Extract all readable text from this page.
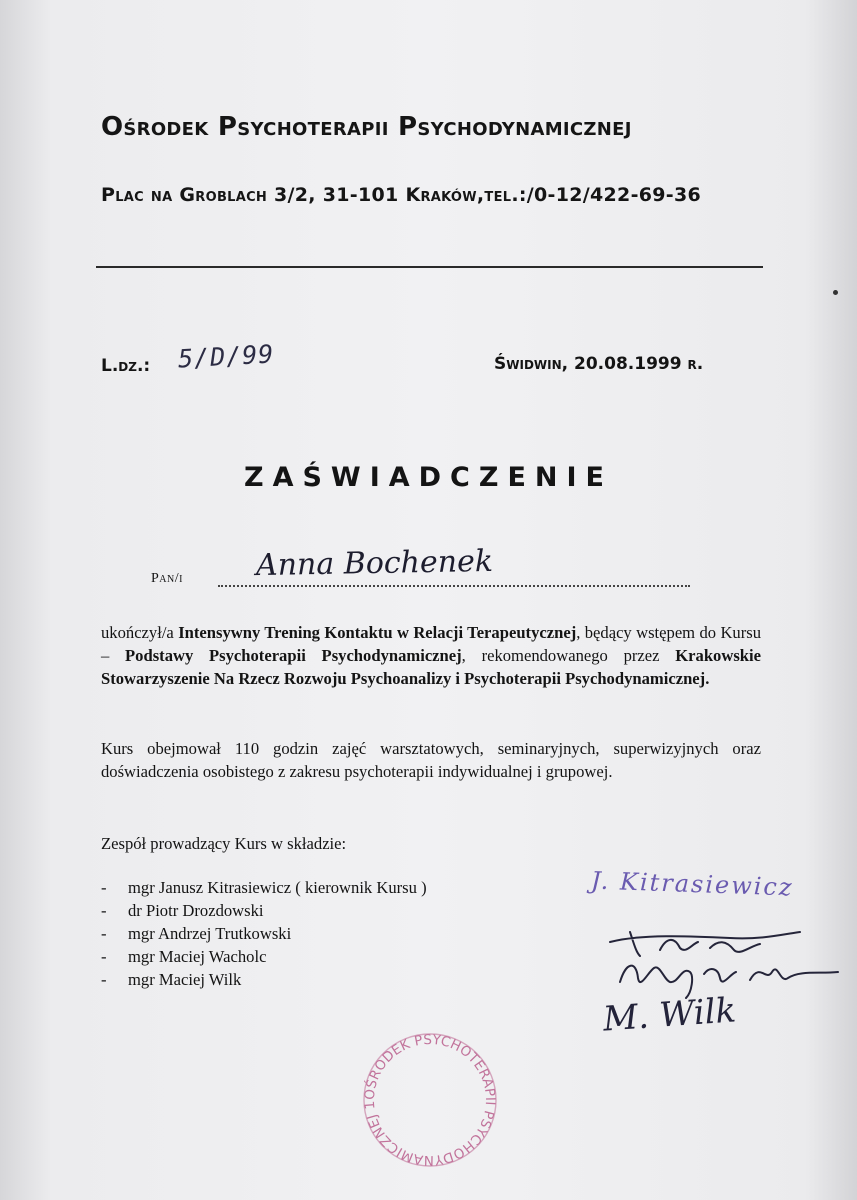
Ośrodek Psychoterapii Psychodynamicznej
Plac na Groblach 3/2, 31-101 Kraków,tel.:/0-12/422-69-36
L.dz.: 5/D/99	Świdwin, 20.08.1999 r.
ZAŚWIADCZENIE
Pan/i Anna Bochenek
ukończył/a Intensywny Trening Kontaktu w Relacji Terapeutycznej, będący wstępem do Kursu – Podstawy Psychoterapii Psychodynamicznej, rekomendowanego przez Krakowskie Stowarzyszenie Na Rzecz Rozwoju Psychoanalizy i Psychoterapii Psychodynamicznej.
Kurs obejmował 110 godzin zajęć warsztatowych, seminaryjnych, superwizyjnych oraz doświadczenia osobistego z zakresu psychoterapii indywidualnej i grupowej.
Zespół prowadzący Kurs w składzie:
- mgr Janusz Kitrasiewicz ( kierownik Kursu )
- dr Piotr Drozdowski
- mgr Andrzej Trutkowski
- mgr Maciej Wacholc
- mgr Maciej Wilk
J. Kitrasiewicz
M. Wilk
OŚRODEK PSYCHOTERAPII PSYCHODYNAMICZNEJ 1
